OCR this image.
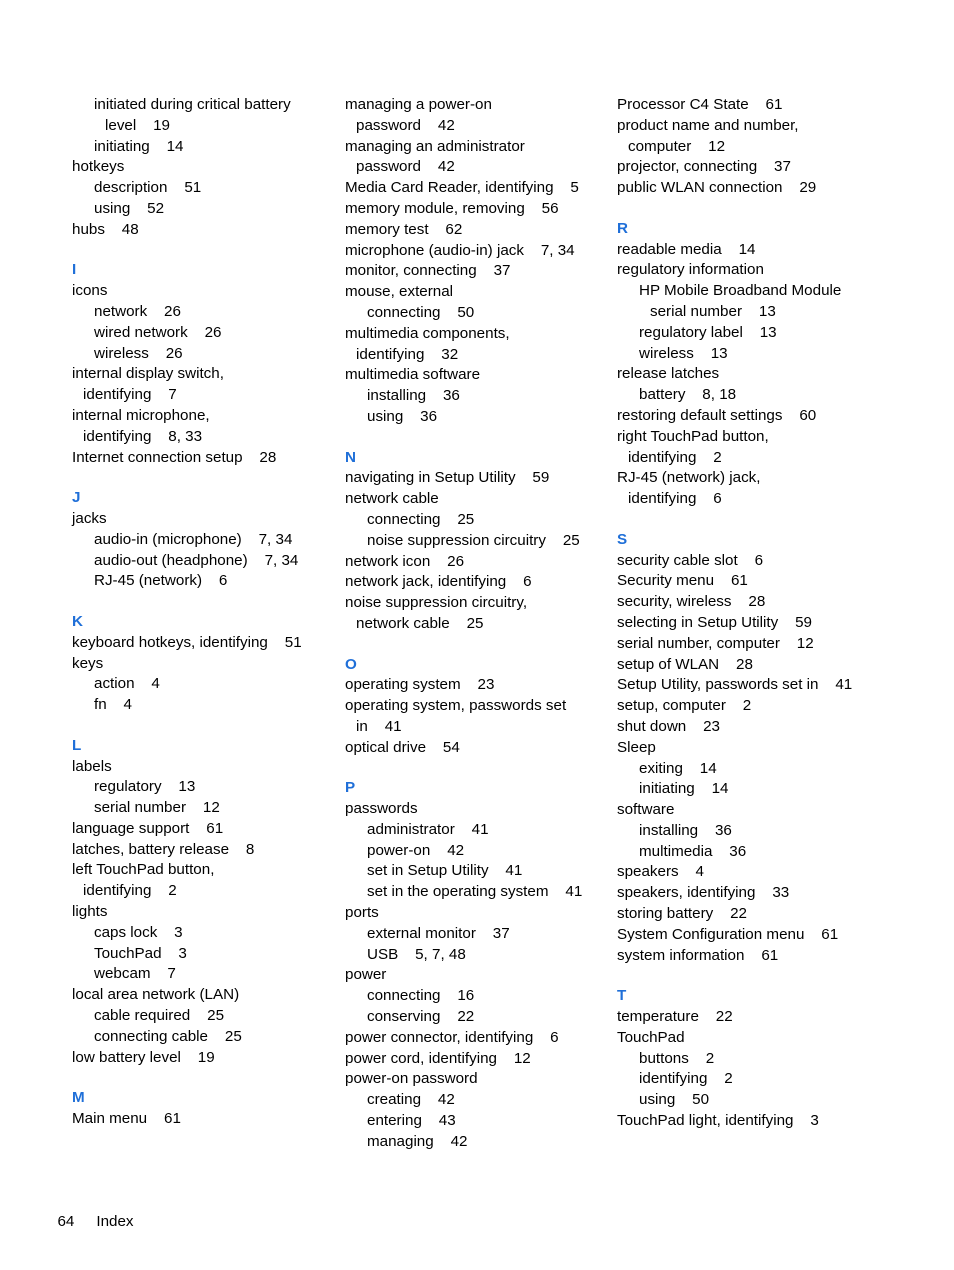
initiated during critical battery
level    19
initiating    14
hotkeys
description    51
using    52
hubs    48
I
icons
network    26
wired network    26
wireless    26
internal display switch,
identifying    7
internal microphone,
identifying    8, 33
Internet connection setup    28
J
jacks
audio-in (microphone)    7, 34
audio-out (headphone)    7, 34
RJ-45 (network)    6
K
keyboard hotkeys, identifying    51
keys
action    4
fn    4
L
labels
regulatory    13
serial number    12
language support    61
latches, battery release    8
left TouchPad button,
identifying    2
lights
caps lock    3
TouchPad    3
webcam    7
local area network (LAN)
cable required    25
connecting cable    25
low battery level    19
M
Main menu    61
managing a power-on
password    42
managing an administrator
password    42
Media Card Reader, identifying    5
memory module, removing    56
memory test    62
microphone (audio-in) jack    7, 34
monitor, connecting    37
mouse, external
connecting    50
multimedia components,
identifying    32
multimedia software
installing    36
using    36
N
navigating in Setup Utility    59
network cable
connecting    25
noise suppression circuitry    25
network icon    26
network jack, identifying    6
noise suppression circuitry,
network cable    25
O
operating system    23
operating system, passwords set
in    41
optical drive    54
P
passwords
administrator    41
power-on    42
set in Setup Utility    41
set in the operating system    41
ports
external monitor    37
USB    5, 7, 48
power
connecting    16
conserving    22
power connector, identifying    6
power cord, identifying    12
power-on password
creating    42
entering    43
managing    42
Processor C4 State    61
product name and number,
computer    12
projector, connecting    37
public WLAN connection    29
R
readable media    14
regulatory information
HP Mobile Broadband Module
serial number    13
regulatory label    13
wireless    13
release latches
battery    8, 18
restoring default settings    60
right TouchPad button,
identifying    2
RJ-45 (network) jack,
identifying    6
S
security cable slot    6
Security menu    61
security, wireless    28
selecting in Setup Utility    59
serial number, computer    12
setup of WLAN    28
Setup Utility, passwords set in    41
setup, computer    2
shut down    23
Sleep
exiting    14
initiating    14
software
installing    36
multimedia    36
speakers    4
speakers, identifying    33
storing battery    22
System Configuration menu    61
system information    61
T
temperature    22
TouchPad
buttons    2
identifying    2
using    50
TouchPad light, identifying    3

64 Index
